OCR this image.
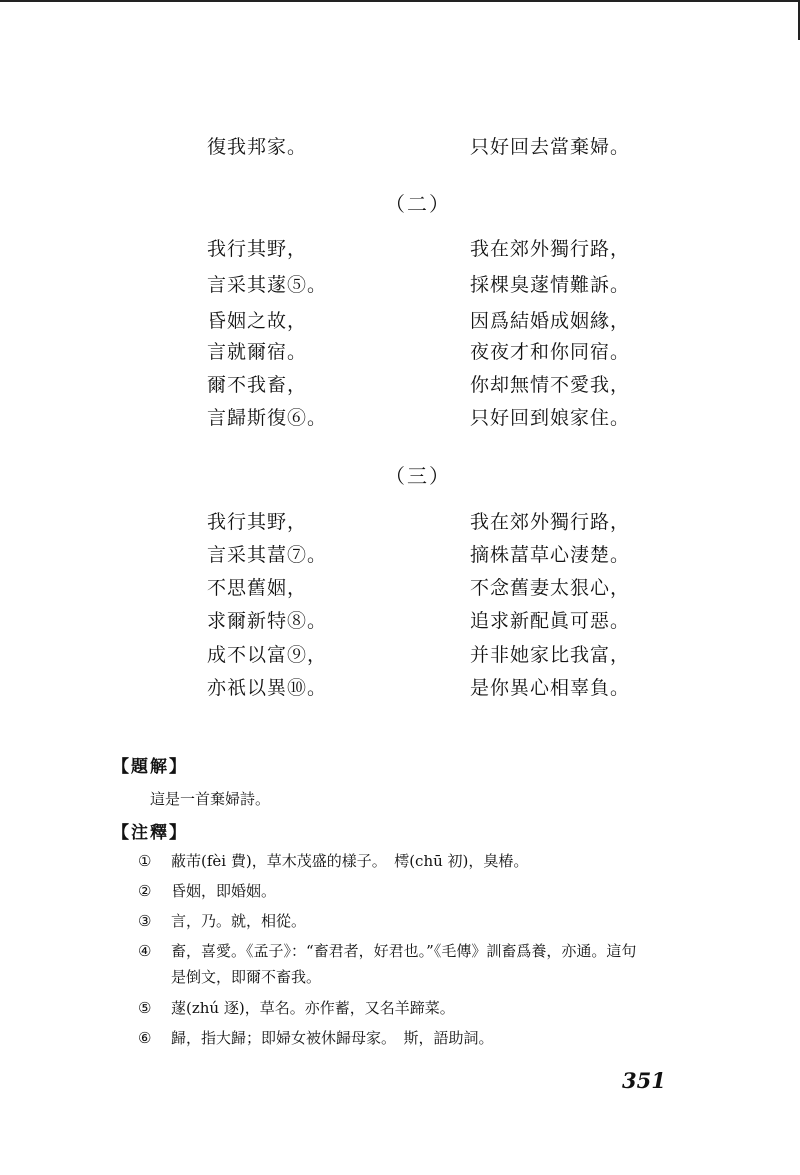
復我邦家。	只好回去當棄婦。
（二）
我行其野，	我在郊外獨行路，
言采其蓫⑤。	採棵臭蓫情難訴。
昏姻之故，	因爲結婚成姻緣，
言就爾宿。	夜夜才和你同宿。
爾不我畜，	你却無情不愛我，
言歸斯復⑥。	只好回到娘家住。
（三）
我行其野，	我在郊外獨行路，
言采其葍⑦。	摘株葍草心淒楚。
不思舊姻，	不念舊妻太狠心，
求爾新特⑧。	追求新配眞可惡。
成不以富⑨，	并非她家比我富，
亦祇以異⑩。	是你異心相辜負。
【題解】
這是一首棄婦詩。
【注釋】
① 蔽芾(fèi 費)，草木茂盛的樣子。　樗(chū 初)，臭椿。
② 昏姻，即婚姻。
③ 言，乃。就，相從。
④ 畜，喜愛。《孟子》：“畜君者，好君也。”《毛傳》訓畜爲養，亦通。這句
是倒文，即爾不畜我。
⑤ 蓫(zhú 逐)，草名。亦作蓄，又名羊蹄菜。
⑥ 歸，指大歸；即婦女被休歸母家。　斯，語助詞。
351
